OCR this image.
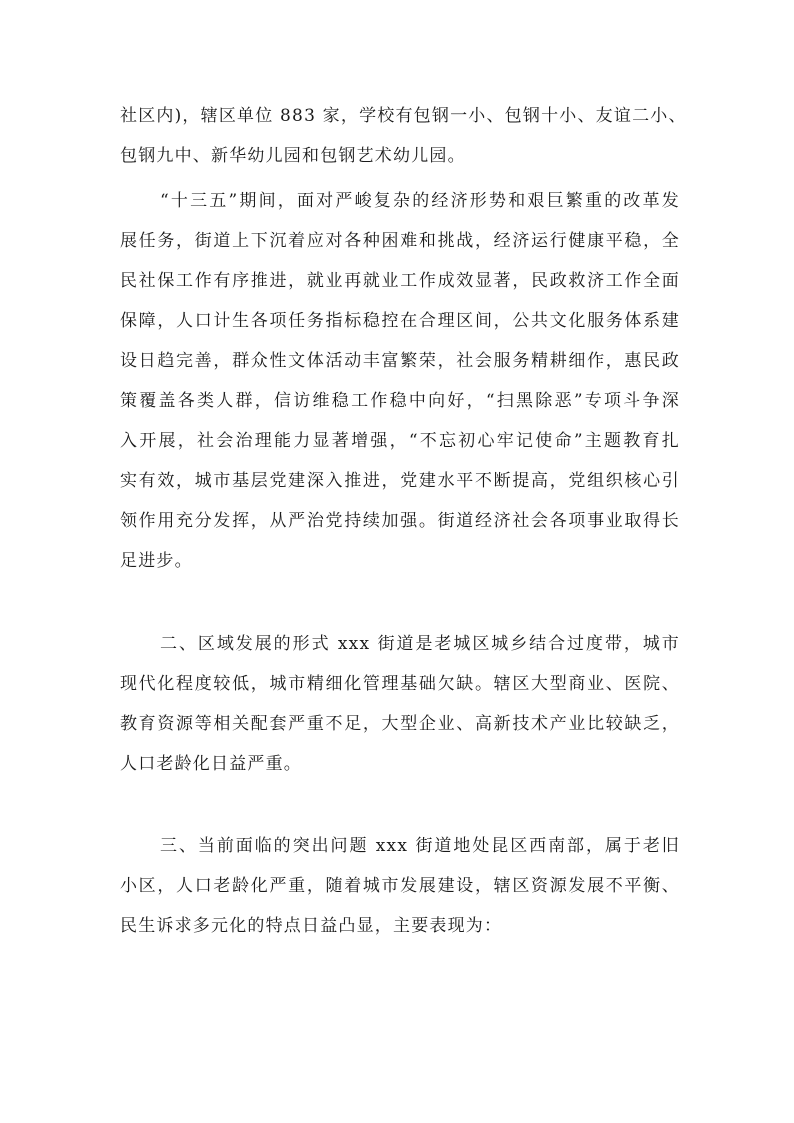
社区内)，辖区单位 883 家，学校有包钢一小、包钢十小、友谊二小、
包钢九中、新华幼儿园和包钢艺术幼儿园。

“十三五”期间，面对严峻复杂的经济形势和艰巨繁重的改革发
展任务，街道上下沉着应对各种困难和挑战，经济运行健康平稳，全
民社保工作有序推进，就业再就业工作成效显著，民政救济工作全面
保障，人口计生各项任务指标稳控在合理区间，公共文化服务体系建
设日趋完善，群众性文体活动丰富繁荣，社会服务精耕细作，惠民政
策覆盖各类人群，信访维稳工作稳中向好，“扫黑除恶”专项斗争深
入开展，社会治理能力显著增强，“不忘初心牢记使命”主题教育扎
实有效，城市基层党建深入推进，党建水平不断提高，党组织核心引
领作用充分发挥，从严治党持续加强。街道经济社会各项事业取得长
足进步。

二、区域发展的形式 xxx 街道是老城区城乡结合过度带，城市
现代化程度较低，城市精细化管理基础欠缺。辖区大型商业、医院、
教育资源等相关配套严重不足，大型企业、高新技术产业比较缺乏，
人口老龄化日益严重。

三、当前面临的突出问题 xxx 街道地处昆区西南部，属于老旧
小区，人口老龄化严重，随着城市发展建设，辖区资源发展不平衡、
民生诉求多元化的特点日益凸显，主要表现为：
